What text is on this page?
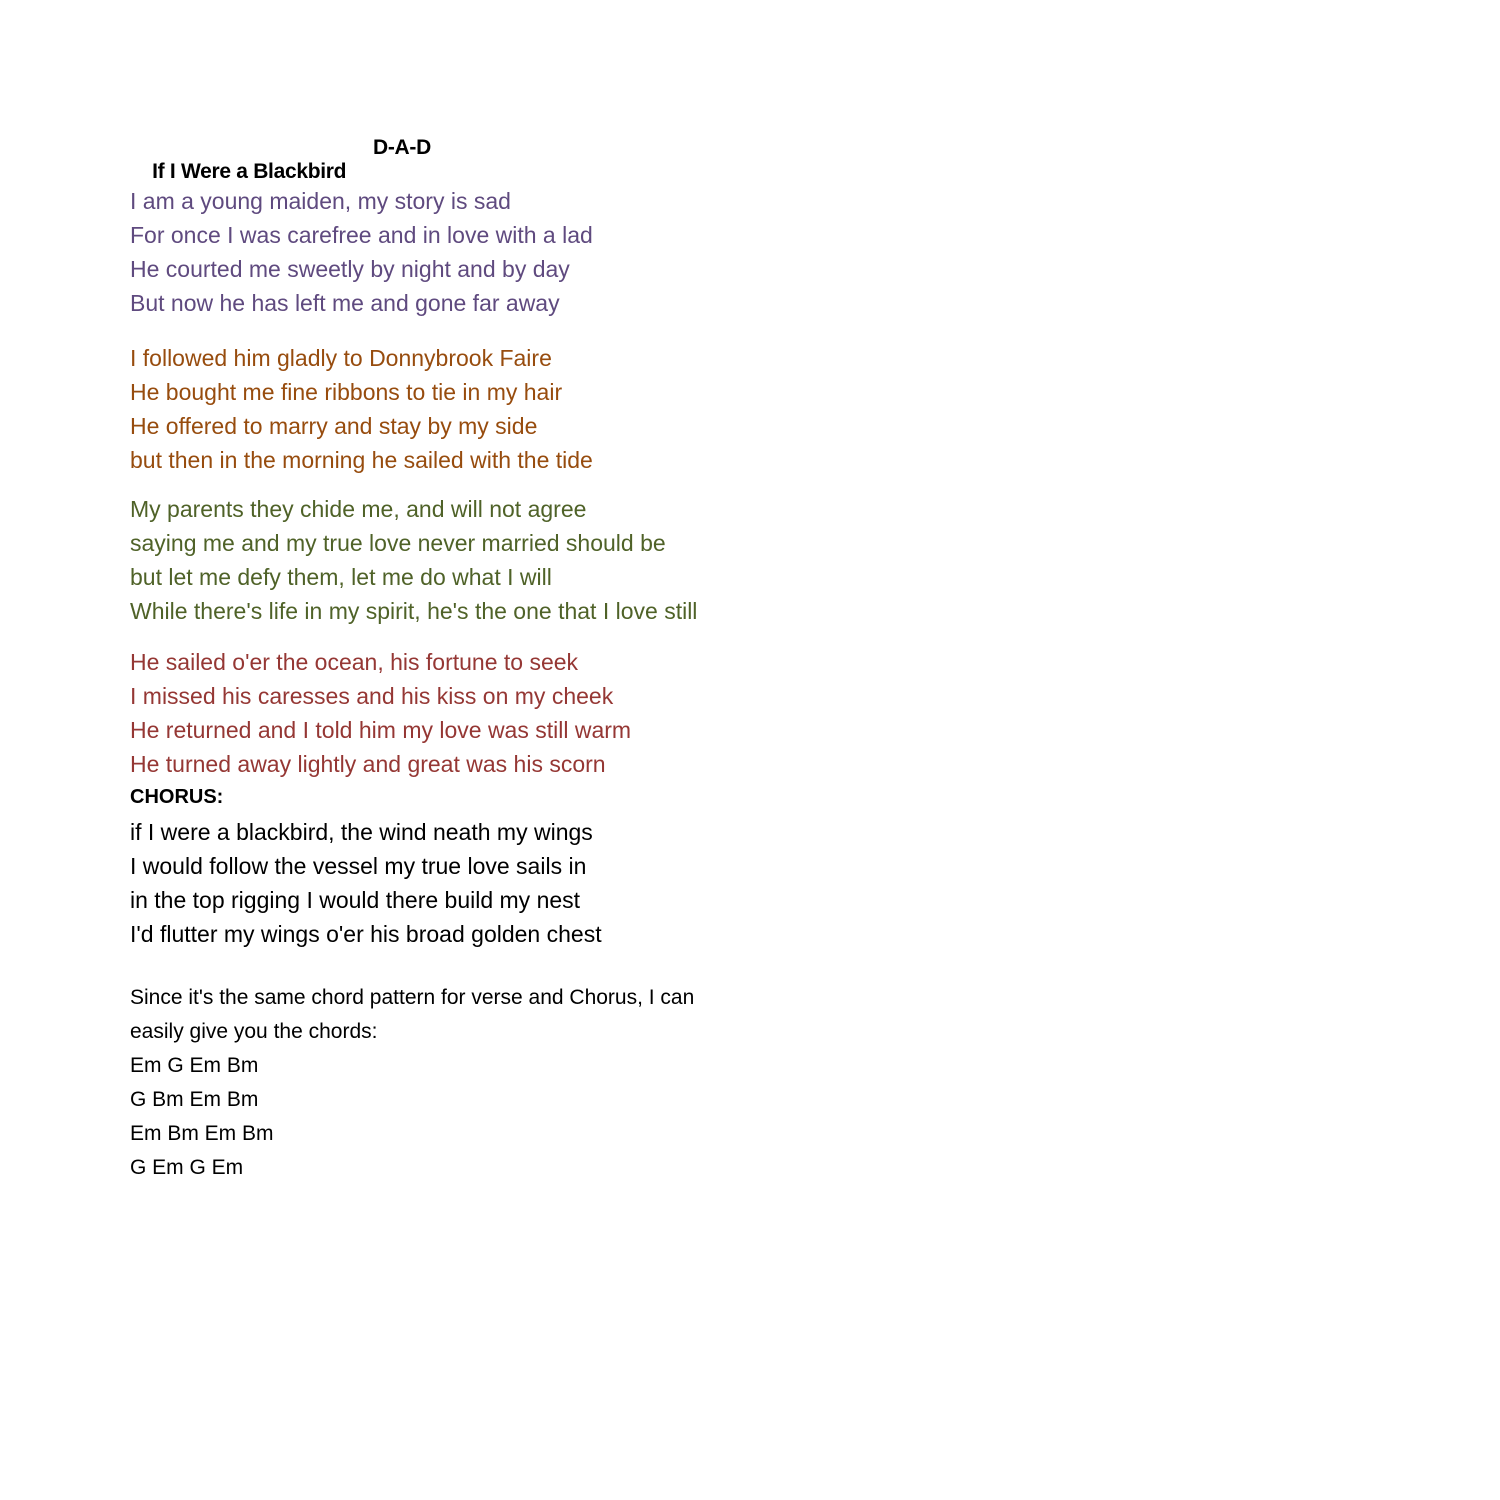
If I Were a Blackbird

D-A-D

I am a young maiden, my story is sad
For once I was carefree and in love with a lad
He courted me sweetly by night and by day
But now he has left me and gone far away
I followed him gladly to Donnybrook Faire
He bought me fine ribbons to tie in my hair
He offered to marry and stay by my side
but then in the morning he sailed with the tide
My parents they chide me, and will not agree
saying me and my true love never married should be
but let me defy them, let me do what I will
While there's life in my spirit, he's the one that I love still
He sailed o'er the ocean, his fortune to seek
I missed his caresses and his kiss on my cheek
He returned and I told him my love was still warm
He turned away lightly and great was his scorn
CHORUS:
if I were a blackbird, the wind neath my wings
I would follow the vessel my true love sails in
in the top rigging I would there build my nest
I'd flutter my wings o'er his broad golden chest
Since it's the same chord pattern for verse and Chorus, I can
easily give you the chords:
Em G Em Bm
G Bm Em Bm
Em Bm Em Bm
G Em G Em
